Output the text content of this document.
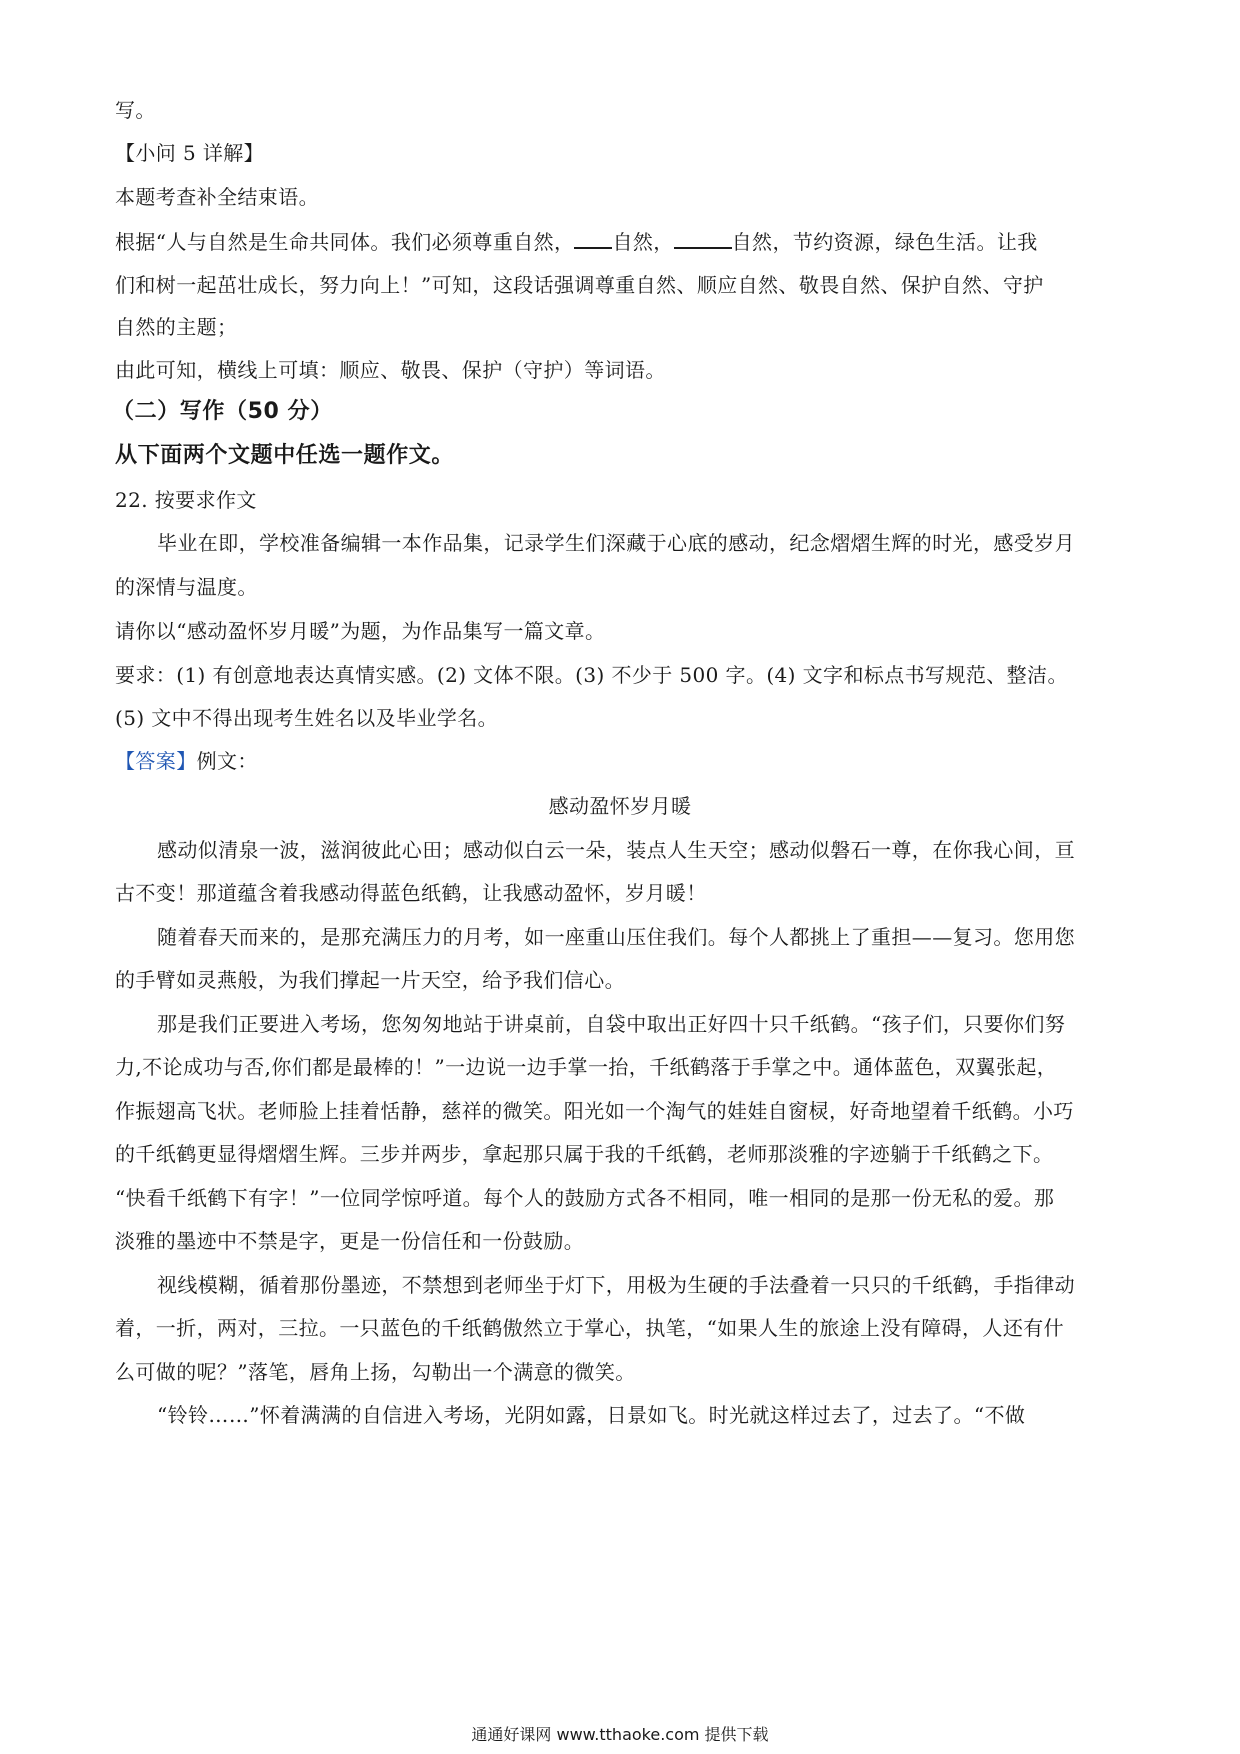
写。
【小问 5 详解】
本题考查补全结束语。
根据“人与自然是生命共同体。我们必须尊重自然， 自然，	自然，节约资源，绿色生活。让我
们和树一起茁壮成长，努力向上！”可知，这段话强调尊重自然、顺应自然、敬畏自然、保护自然、守护
自然的主题；
由此可知，横线上可填：顺应、敬畏、保护（守护）等词语。
（二）写作（50 分）
从下面两个文题中任选一题作文。
22. 按要求作文
毕业在即，学校准备编辑一本作品集，记录学生们深藏于心底的感动，纪念熠熠生辉的时光，感受岁月
的深情与温度。
请你以“感动盈怀岁月暖”为题，为作品集写一篇文章。
要求：(1) 有创意地表达真情实感。(2) 文体不限。(3) 不少于 500 字。(4) 文字和标点书写规范、整洁。
(5) 文中不得出现考生姓名以及毕业学名。
【答案】例文：
感动盈怀岁月暖
感动似清泉一波，滋润彼此心田；感动似白云一朵，装点人生天空；感动似磐石一尊，在你我心间，亘
古不变！那道蕴含着我感动得蓝色纸鹤，让我感动盈怀，岁月暖！
随着春天而来的，是那充满压力的月考，如一座重山压住我们。每个人都挑上了重担——复习。您用您
的手臂如灵燕般，为我们撑起一片天空，给予我们信心。
那是我们正要进入考场，您匆匆地站于讲桌前，自袋中取出正好四十只千纸鹤。“孩子们，只要你们努
力,不论成功与否,你们都是最棒的！”一边说一边手掌一抬，千纸鹤落于手掌之中。通体蓝色，双翼张起，
作振翅高飞状。老师脸上挂着恬静，慈祥的微笑。阳光如一个淘气的娃娃自窗棂，好奇地望着千纸鹤。小巧
的千纸鹤更显得熠熠生辉。三步并两步，拿起那只属于我的千纸鹤，老师那淡雅的字迹躺于千纸鹤之下。
“快看千纸鹤下有字！”一位同学惊呼道。每个人的鼓励方式各不相同，唯一相同的是那一份无私的爱。那
淡雅的墨迹中不禁是字，更是一份信任和一份鼓励。
视线模糊，循着那份墨迹，不禁想到老师坐于灯下，用极为生硬的手法叠着一只只的千纸鹤，手指律动
着，一折，两对，三拉。一只蓝色的千纸鹤傲然立于掌心，执笔，“如果人生的旅途上没有障碍，人还有什
么可做的呢？”落笔，唇角上扬，勾勒出一个满意的微笑。
“铃铃……”怀着满满的自信进入考场，光阴如露，日景如飞。时光就这样过去了，过去了。“不做
通通好课网 www.tthaoke.com 提供下载
